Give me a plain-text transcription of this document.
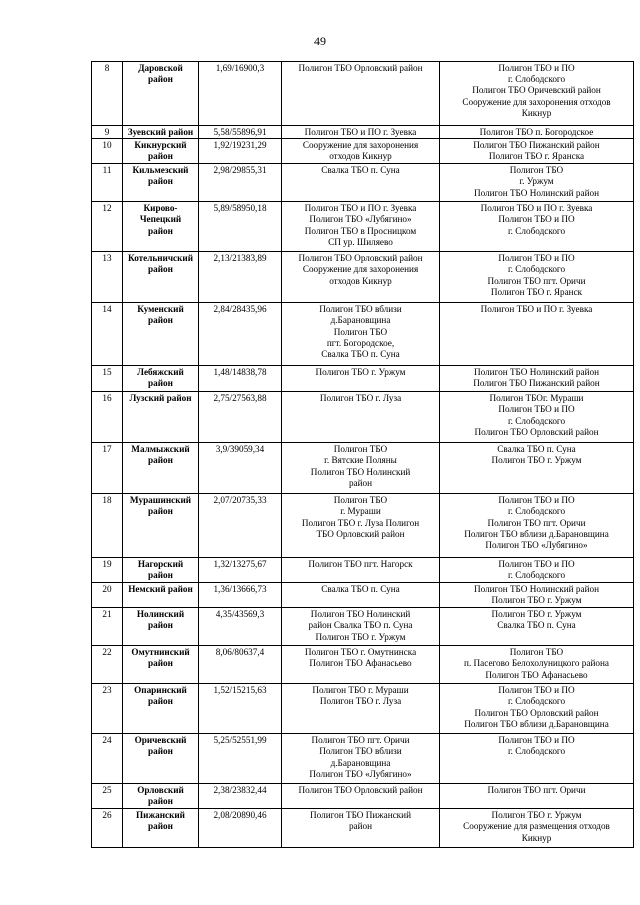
49
8	Даровской
район	1,69/16900,3	Полигон ТБО Орловский район	Полигон ТБО и ПО
г. Слободского
Полигон ТБО Оричевский район
Сооружение для захоронения отходов
Кикнур

9	Зуевский район	5,58/55896,91	Полигон ТБО и ПО г. Зуевка	Полигон ТБО п. Богородское

10	Кикнурский
район	1,92/19231,29	Сооружение для захоронения
отходов Кикнур	Полигон ТБО Пижанский район
Полигон ТБО г. Яранска

11	Кильмезский
район	2,98/29855,31	Свалка ТБО п. Суна	Полигон ТБО
г. Уржум
Полигон ТБО Нолинский район

12	Кирово-
Чепецкий
район	5,89/58950,18	Полигон ТБО и ПО г. Зуевка
Полигон ТБО «Лубягино»
Полигон ТБО в Просницком
СП ур. Шиляево	Полигон ТБО и ПО г. Зуевка
Полигон ТБО и ПО
г. Слободского

13	Котельничский
район	2,13/21383,89	Полигон ТБО Орловский район
Сооружение для захоронения
отходов Кикнур	Полигон ТБО и ПО
г. Слободского
Полигон ТБО пгт. Оричи
Полигон ТБО г. Яранск

14	Куменский
район	2,84/28435,96	Полигон ТБО вблизи
д.Барановщина
Полигон ТБО
пгт. Богородское,
Свалка ТБО п. Суна	Полигон ТБО и ПО г. Зуевка

15	Лебяжский
район	1,48/14838,78	Полигон ТБО г. Уржум	Полигон ТБО Нолинский район
Полигон ТБО Пижанский район

16	Лузский район	2,75/27563,88	Полигон ТБО г. Луза	Полигон ТБОг. Мураши
Полигон ТБО и ПО
г. Слободского
Полигон ТБО Орловский район

17	Малмыжский
район	3,9/39059,34	Полигон ТБО
г. Вятские Поляны
Полигон ТБО Нолинский
район	Свалка ТБО п. Суна
Полигон ТБО г. Уржум

18	Мурашинский
район	2,07/20735,33	Полигон ТБО
г. Мураши
Полигон ТБО г. Луза Полигон
ТБО Орловский район	Полигон ТБО и ПО
г. Слободского
Полигон ТБО пгт. Оричи
Полигон ТБО вблизи д.Барановщина
Полигон ТБО «Лубягино»

19	Нагорский
район	1,32/13275,67	Полигон ТБО пгт. Нагорск	Полигон ТБО и ПО
г. Слободского

20	Немский район	1,36/13666,73	Свалка ТБО п. Суна	Полигон ТБО Нолинский район
Полигон ТБО г. Уржум

21	Нолинский
район	4,35/43569,3	Полигон ТБО Нолинский
район Свалка ТБО п. Суна
Полигон ТБО г. Уржум	Полигон ТБО г. Уржум
Свалка ТБО п. Суна

22	Омутнинский
район	8,06/80637,4	Полигон ТБО г. Омутнинска
Полигон ТБО Афанасьево	Полигон ТБО
п. Пасегово Белохолуницкого района
Полигон ТБО Афанасьево

23	Опаринский
район	1,52/15215,63	Полигон ТБО г. Мураши
Полигон ТБО г. Луза	Полигон ТБО и ПО
г. Слободского
Полигон ТБО Орловский район
Полигон ТБО вблизи д.Барановщина

24	Оричевский
район	5,25/52551,99	Полигон ТБО пгт. Оричи
Полигон ТБО вблизи
д.Барановщина
Полигон ТБО «Лубягино»	Полигон ТБО и ПО
г. Слободского

25	Орловский
район	2,38/23832,44	Полигон ТБО Орловский район	Полигон ТБО пгт. Оричи

26	Пижанский
район	2,08/20890,46	Полигон ТБО Пижанский
район	Полигон ТБО г. Уржум
Сооружение для размещения отходов
Кикнур
